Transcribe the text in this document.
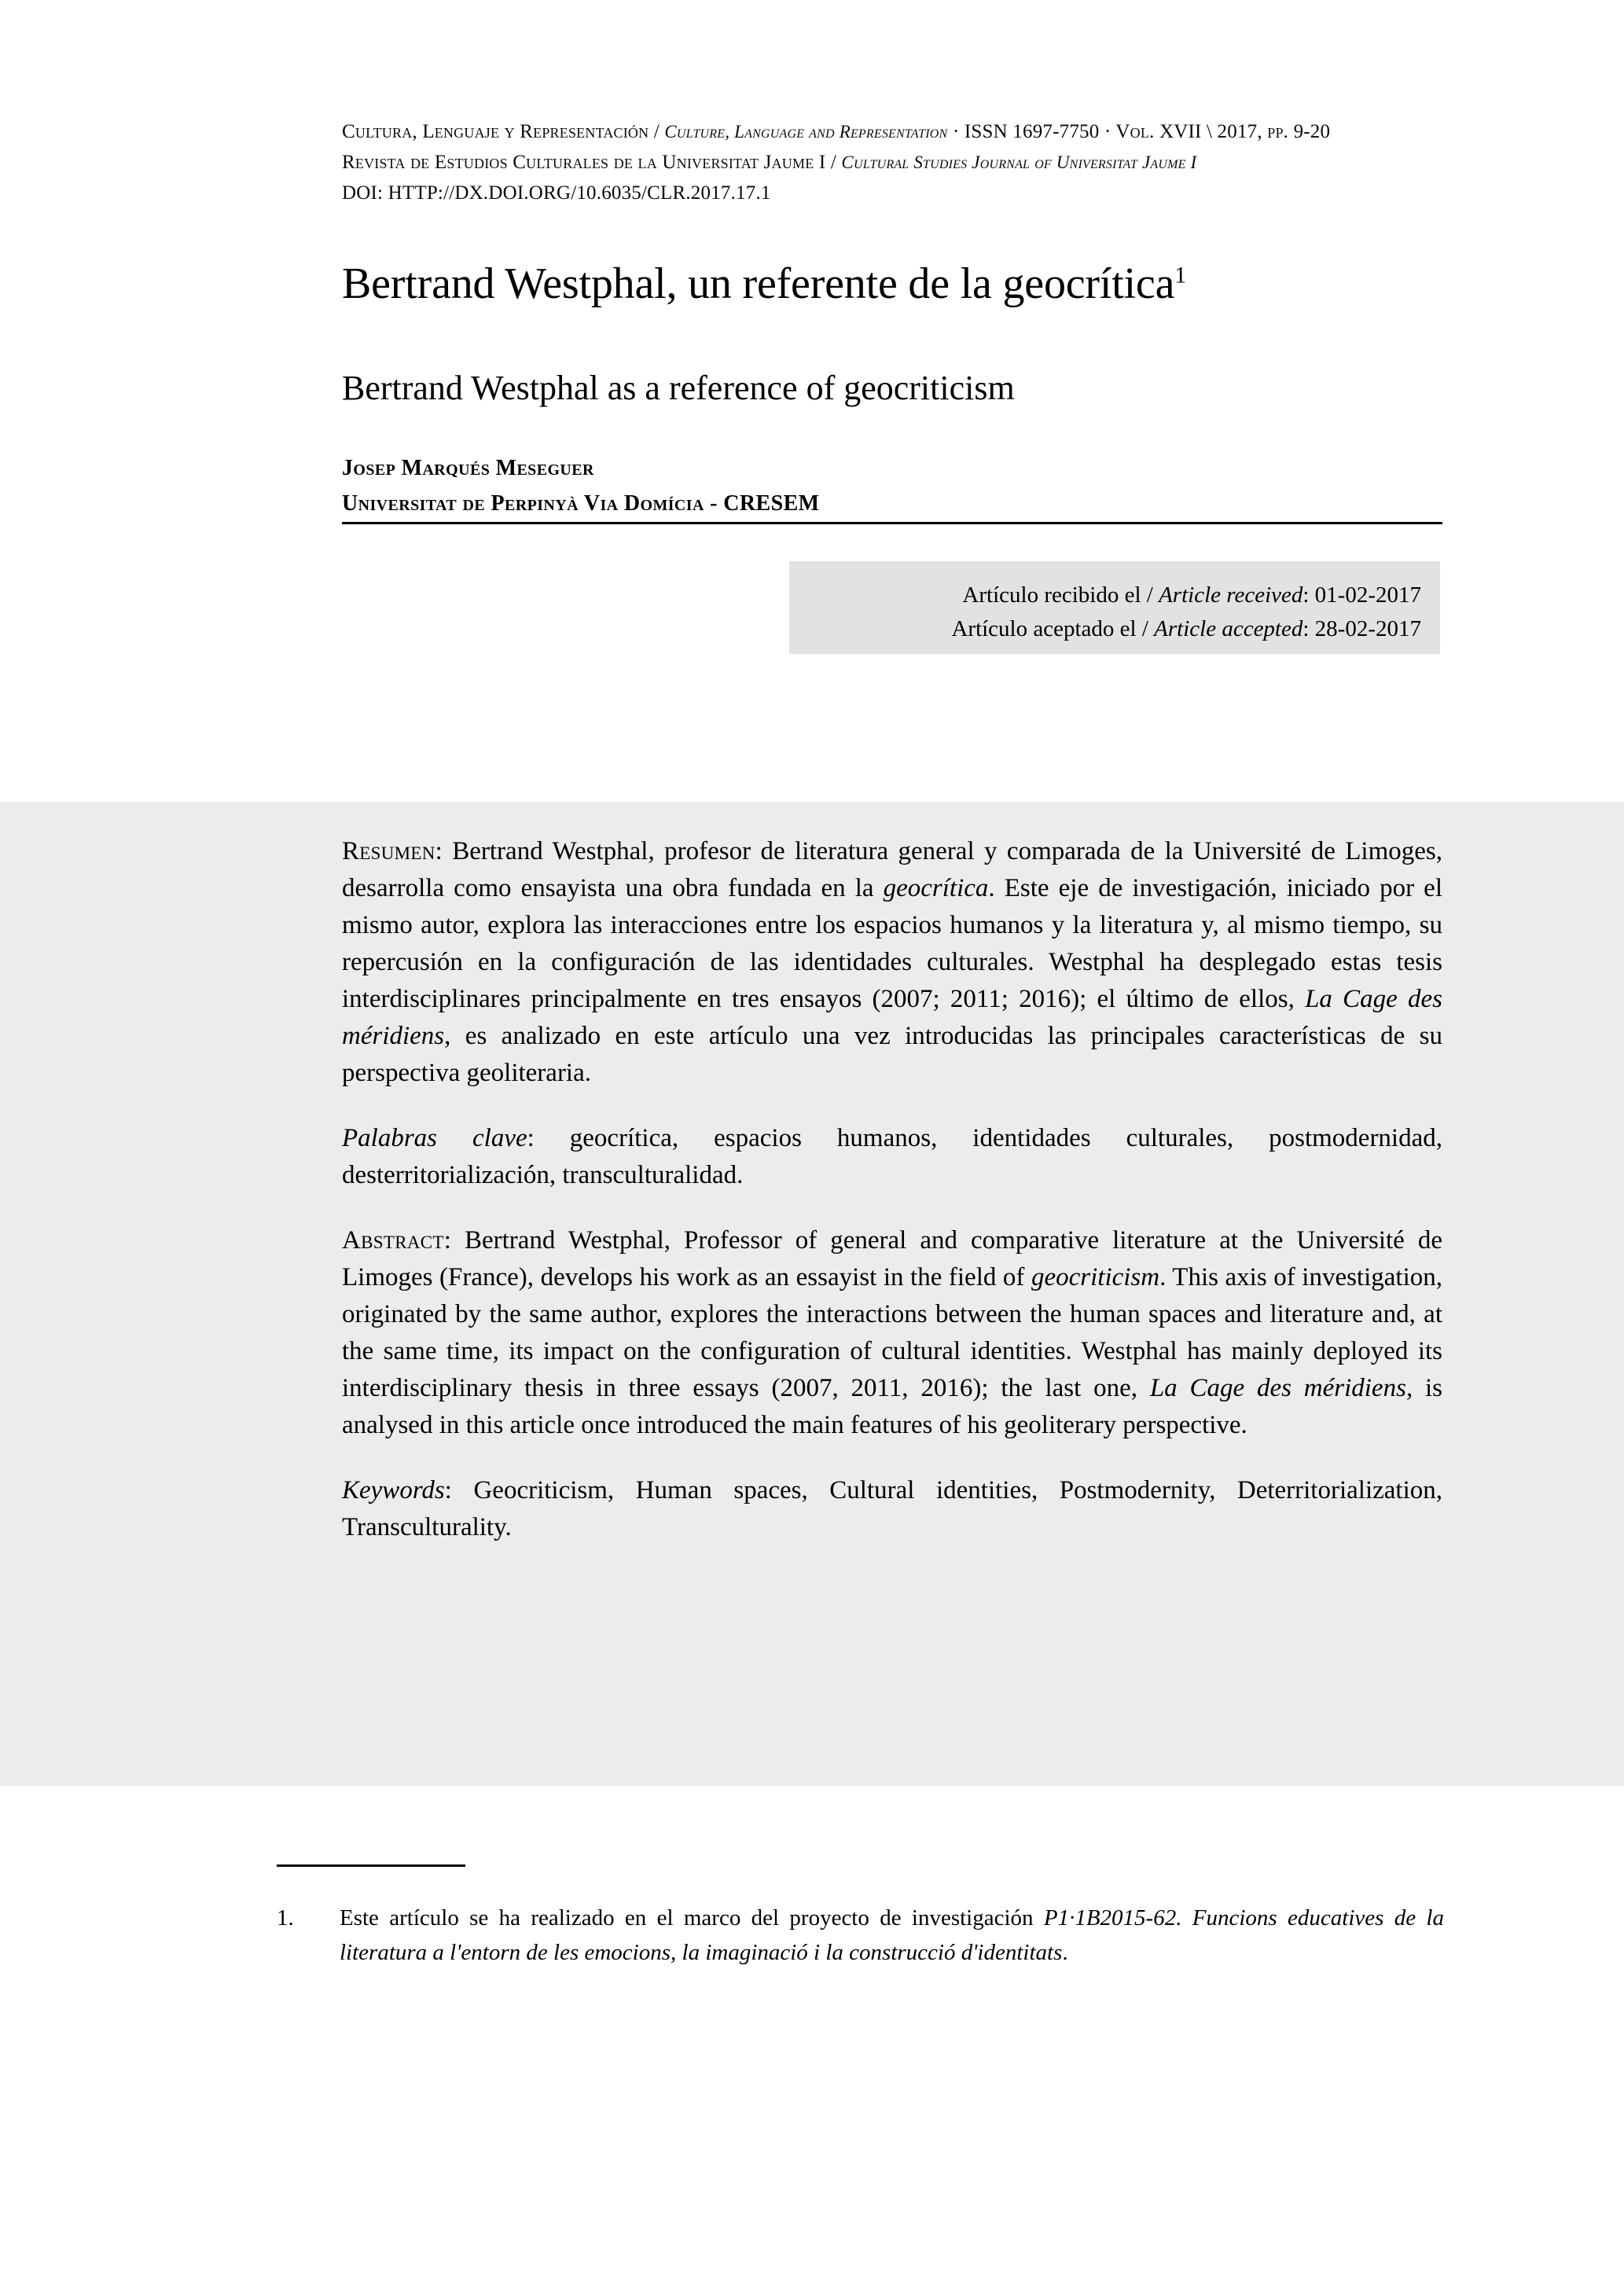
Cultura, Lenguaje y Representación / Culture, Language and Representation · ISSN 1697-7750 · Vol. XVII \ 2017, pp. 9-20
Revista de Estudios Culturales de la Universitat Jaume I / Cultural Studies Journal of Universitat Jaume I
DOI: HTTP://DX.DOI.ORG/10.6035/CLR.2017.17.1
Bertrand Westphal, un referente de la geocrítica$^1$
Bertrand Westphal as a reference of geocriticism
Josep Marqués Meseguer
Universitat de Perpinyà Via Domícia - CRESEM
Artículo recibido el / Article received: 01-02-2017
Artículo aceptado el / Article accepted: 28-02-2017

Resumen: Bertrand Westphal, profesor de literatura general y comparada de la Université de Limoges, desarrolla como ensayista una obra fundada en la geocrítica. Este eje de investigación, iniciado por el mismo autor, explora las interacciones entre los espacios humanos y la literatura y, al mismo tiempo, su repercusión en la configuración de las identidades culturales. Westphal ha desplegado estas tesis interdisciplinares principalmente en tres ensayos (2007; 2011; 2016); el último de ellos, La Cage des méridiens, es analizado en este artículo una vez introducidas las principales características de su perspectiva geoliteraria.

Palabras clave: geocrítica, espacios humanos, identidades culturales, postmodernidad, desterritorialización, transculturalidad.

Abstract: Bertrand Westphal, Professor of general and comparative literature at the Université de Limoges (France), develops his work as an essayist in the field of geocriticism. This axis of investigation, originated by the same author, explores the interactions between the human spaces and literature and, at the same time, its impact on the configuration of cultural identities. Westphal has mainly deployed its interdisciplinary thesis in three essays (2007, 2011, 2016); the last one, La Cage des méridiens, is analysed in this article once introduced the main features of his geoliterary perspective.

Keywords: Geocriticism, Human spaces, Cultural identities, Postmodernity, Deterritorialization, Transculturality.

1.	Este artículo se ha realizado en el marco del proyecto de investigación P1·1B2015-62. Funcions educatives de la literatura a l'entorn de les emocions, la imaginació i la construcció d'identitats.
